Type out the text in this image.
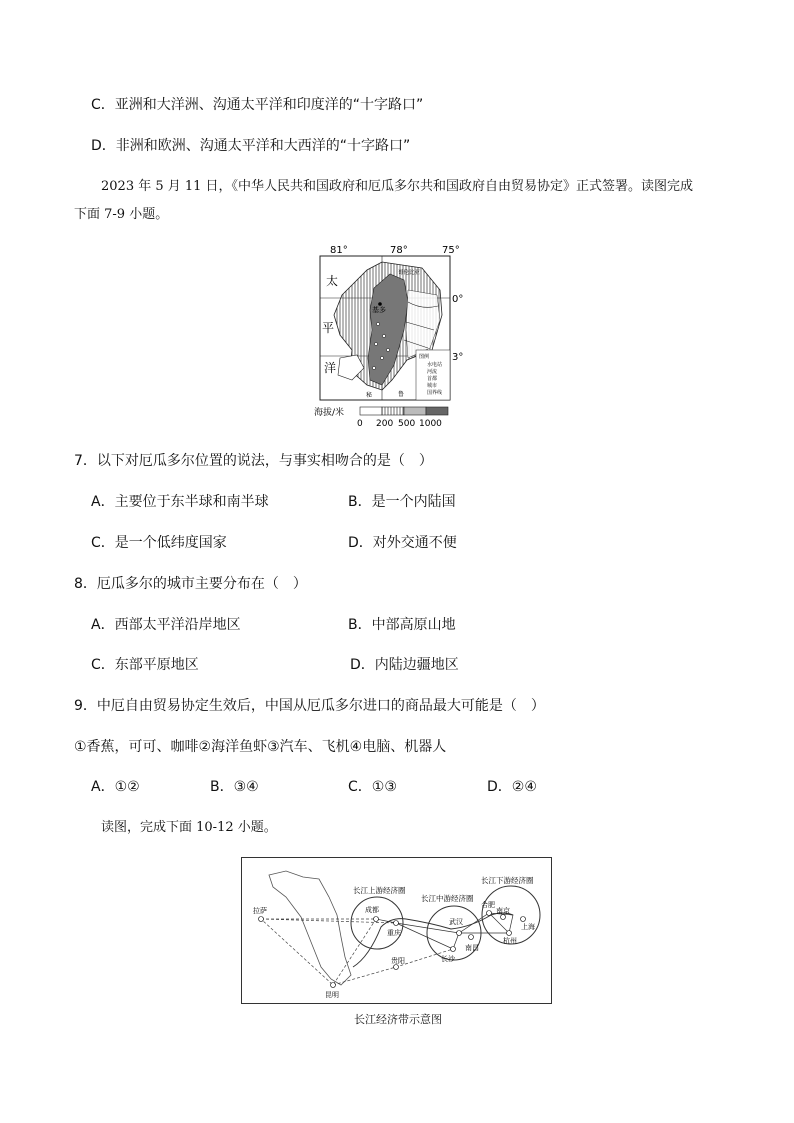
C．亚洲和大洋洲、沟通太平洋和印度洋的“十字路口”
D．非洲和欧洲、沟通太平洋和大西洋的“十字路口”
2023 年 5 月 11 日，《中华人民共和国政府和厄瓜多尔共和国政府自由贸易协定》正式签署。读图完成
下面 7-9 小题。
81°	78°	75°
0°
3°
太
平
洋
哥伦比亚
秘	鲁
基多
图例
水电站
河流
首都
城市
国界线
海拔/米
0 200 500 1000
7．以下对厄瓜多尔位置的说法，与事实相吻合的是（　）
A．主要位于东半球和南半球	B．是一个内陆国
C．是一个低纬度国家	D．对外交通不便
8．厄瓜多尔的城市主要分布在（　）
A．西部太平洋沿岸地区	B．中部高原山地
C．东部平原地区	D．内陆边疆地区
9．中厄自由贸易协定生效后，中国从厄瓜多尔进口的商品最大可能是（　）
①香蕉，可可、咖啡②海洋鱼虾③汽车、飞机④电脑、机器人
A．①②	B．③④	C．①③	D．②④
读图，完成下面 10-12 小题。
长江上游经济圈
长江中游经济圈
长江下游经济圈
拉萨	成都
重庆
昆明
贵阳
武汉
南昌
长沙
合肥
南京
上海
杭州
长江经济带示意图
